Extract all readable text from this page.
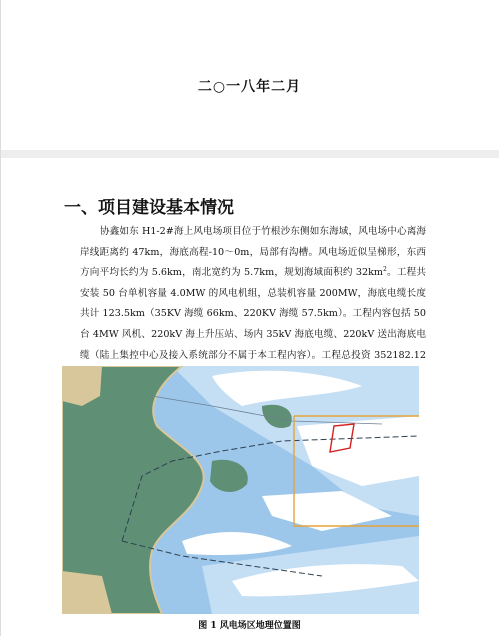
二○一八年二月
一、项目建设基本情况

协鑫如东 H1-2#海上风电场项目位于竹根沙东侧如东海域，风电场中心离海岸线距离约 47km，海底高程-10～0m，局部有沟槽。风电场近似呈梯形，东西方向平均长约为 5.6km，南北宽约为 5.7km，规划海域面积约 $32km^2$。工程共安装 50 台单机容量 4.0MW 的风电机组，总装机容量 200MW，海底电缆长度共计 123.5km（35KV 海缆 66km、220KV 海缆 57.5km）。工程内容包括 50 台 4MW 风机、220kV 海上升压站、场内 35kV 海底电缆、220kV 送出海底电缆（陆上集控中心及接入系统部分不属于本工程内容）。工程总投资 352182.12

图 1 风电场区地理位置图
